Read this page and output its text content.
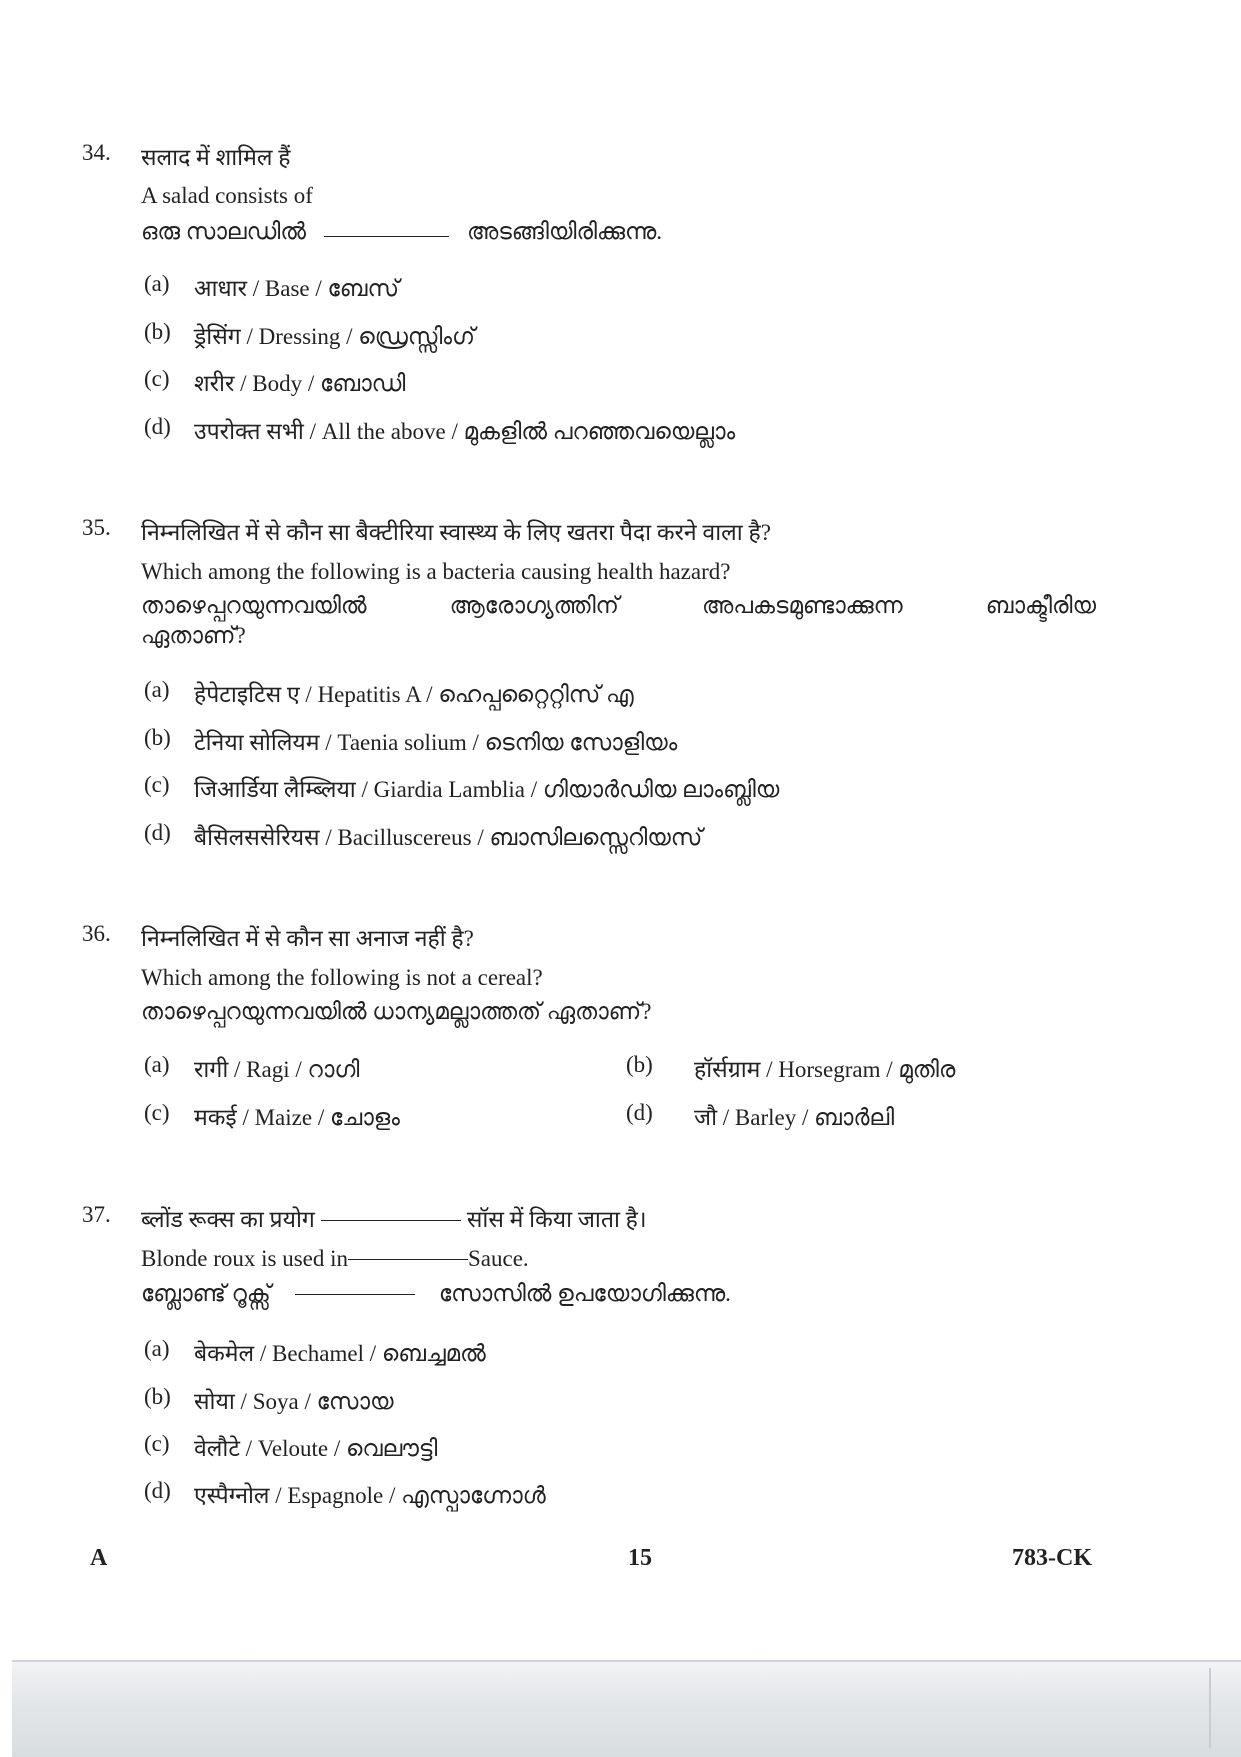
34. सलाद में शामिल हैं
A salad consists of
ഒരു സാലഡിൽ	അടങ്ങിയിരിക്കുന്നു.
(a) आधार / Base / ബേസ്
(b) ड्रेसिंग / Dressing / ഡ്രെസ്സിംഗ്
(c) शरीर / Body / ബോഡി
(d) उपरोक्त सभी / All the above / മുകളിൽ പറഞ്ഞവയെല്ലാം
35. निम्नलिखित में से कौन सा बैक्टीरिया स्वास्थ्य के लिए खतरा पैदा करने वाला है?
Which among the following is a bacteria causing health hazard?
താഴെപ്പറയുന്നവയിൽ	ആരോഗ്യത്തിന്	അപകടമുണ്ടാക്കുന്ന	ബാക്ടീരിയ
ഏതാണ്?
(a) हेपेटाइटिस ए / Hepatitis A / ഹെപ്പറ്റൈറ്റിസ് എ
(b) टेनिया सोलियम / Taenia solium / ടെനിയ സോളിയം
(c) जिआर्डिया लैम्ब्लिया / Giardia Lamblia / ഗിയാർഡിയ ലാംബ്ലിയ
(d) बैसिलससेरियस / Bacilluscereus / ബാസിലസ്സെറിയസ്
36. निम्नलिखित में से कौन सा अनाज नहीं है?
Which among the following is not a cereal?
താഴെപ്പറയുന്നവയിൽ ധാന്യമല്ലാത്തത് ഏതാണ്?
(a) रागी / Ragi / റാഗി	(b) हॉर्सग्राम / Horsegram / മുതിര
(c) मकई / Maize / ചോളം	(d) जौ / Barley / ബാർലി
37. ब्लोंड रूक्स का प्रयोग	सॉस में किया जाता है।
Blonde roux is used in	Sauce.
ബ്ലോണ്ട് റൂക്സ്	സോസിൽ ഉപയോഗിക്കുന്നു.
(a) बेकमेल / Bechamel / ബെച്ചമൽ
(b) सोया / Soya / സോയ
(c) वेलौटे / Veloute / വെലൗട്ടി
(d) एस्पैग्नोल / Espagnole / എസ്പാഗ്നോൾ
A	15	783-CK
